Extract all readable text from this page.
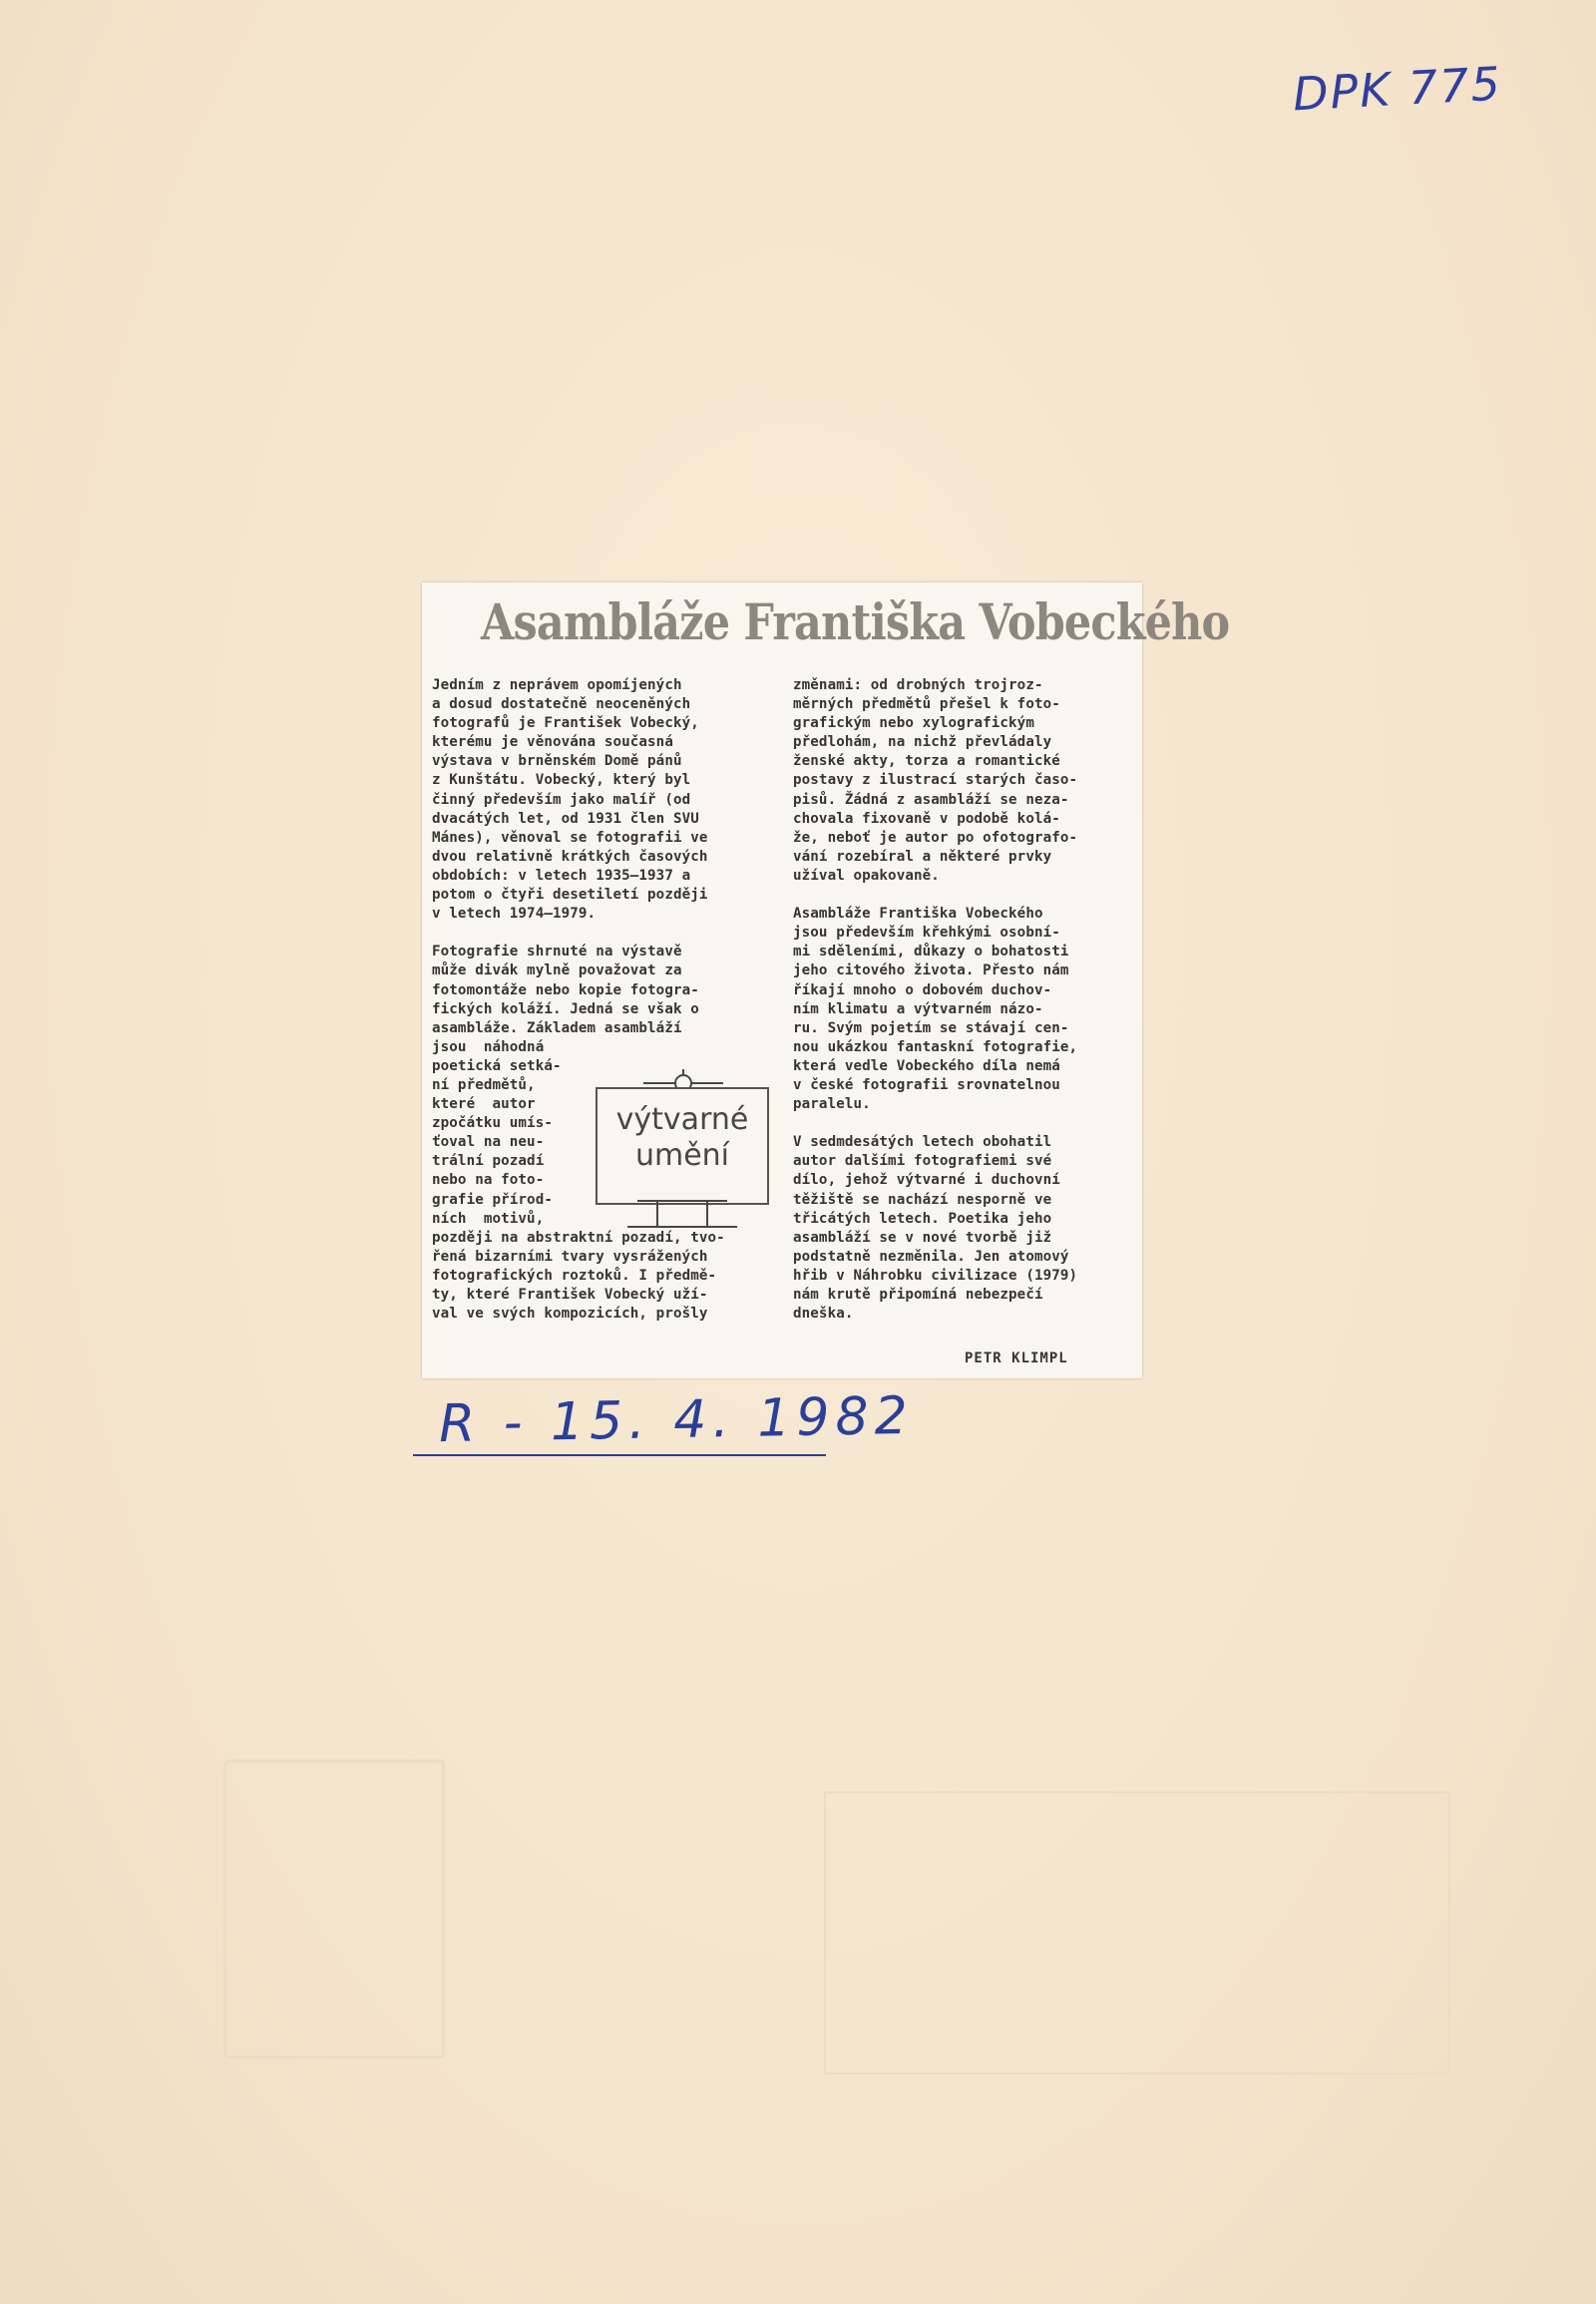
DPK 775
Asambláže Františka Vobeckého
Jedním z neprávem opomíjených
a dosud dostatečně neoceněných
fotografů je František Vobecký,
kterému je věnována současná
výstava v brněnském Domě pánů
z Kunštátu. Vobecký, který byl
činný především jako malíř (od
dvacátých let, od 1931 člen SVU
Mánes), věnoval se fotografii ve
dvou relativně krátkých časových
obdobích: v letech 1935—1937 a
potom o čtyři desetiletí později
v letech 1974—1979.

Fotografie shrnuté na výstavě
může divák mylně považovat za
fotomontáže nebo kopie fotogra-
fických koláží. Jedná se však o
asambláže. Základem asambláží
jsou  náhodná
poetická setká-
ní předmětů,
které  autor
zpočátku umís-
ťoval na neu-
trální pozadí
nebo na foto-
grafie přírod-
ních  motivů,
později na abstraktní pozadí, tvo-
řená bizarními tvary vysrážených
fotografických roztoků. I předmě-
ty, které František Vobecký uží-
val ve svých kompozicích, prošly
změnami: od drobných trojroz-
měrných předmětů přešel k foto-
grafickým nebo xylografickým
předlohám, na nichž převládaly
ženské akty, torza a romantické
postavy z ilustrací starých časo-
pisů. Žádná z asambláží se neza-
chovala fixovaně v podobě kolá-
že, neboť je autor po ofotografo-
vání rozebíral a některé prvky
užíval opakovaně.

Asambláže Františka Vobeckého
jsou především křehkými osobní-
mi sděleními, důkazy o bohatosti
jeho citového života. Přesto nám
říkají mnoho o dobovém duchov-
ním klimatu a výtvarném názo-
ru. Svým pojetím se stávají cen-
nou ukázkou fantaskní fotografie,
která vedle Vobeckého díla nemá
v české fotografii srovnatelnou
paralelu.

V sedmdesátých letech obohatil
autor dalšími fotografiemi své
dílo, jehož výtvarné i duchovní
těžiště se nachází nesporně ve
třicátých letech. Poetika jeho
asambláží se v nové tvorbě již
podstatně nezměnila. Jen atomový
hřib v Náhrobku civilizace (1979)
nám krutě připomíná nebezpečí
dneška.
výtvarné
umění
PETR KLIMPL
R - 15. 4. 1982
